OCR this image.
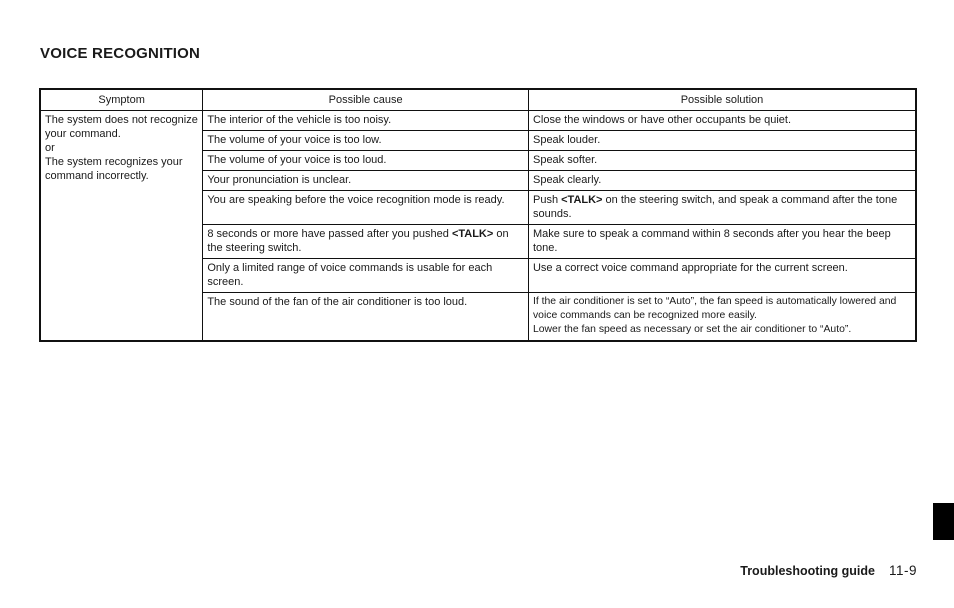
VOICE RECOGNITION
Symptom	Possible cause	Possible solution

The system does not recognize
your command.
or
The system recognizes your
command incorrectly.	The interior of the vehicle is too noisy.	Close the windows or have other occupants be quiet.
	The volume of your voice is too low.	Speak louder.
	The volume of your voice is too loud.	Speak softer.
	Your pronunciation is unclear.	Speak clearly.
	You are speaking before the voice recognition mode is ready.	Push <TALK> on the steering switch, and speak a command after the tone sounds.
	8 seconds or more have passed after you pushed <TALK> on the steering switch.	Make sure to speak a command within 8 seconds after you hear the beep tone.
	Only a limited range of voice commands is usable for each screen.	Use a correct voice command appropriate for the current screen.
	The sound of the fan of the air conditioner is too loud.	If the air conditioner is set to “Auto”, the fan speed is automatically lowered and voice commands can be recognized more easily.
Lower the fan speed as necessary or set the air conditioner to “Auto”.
Troubleshooting guide 11-9
